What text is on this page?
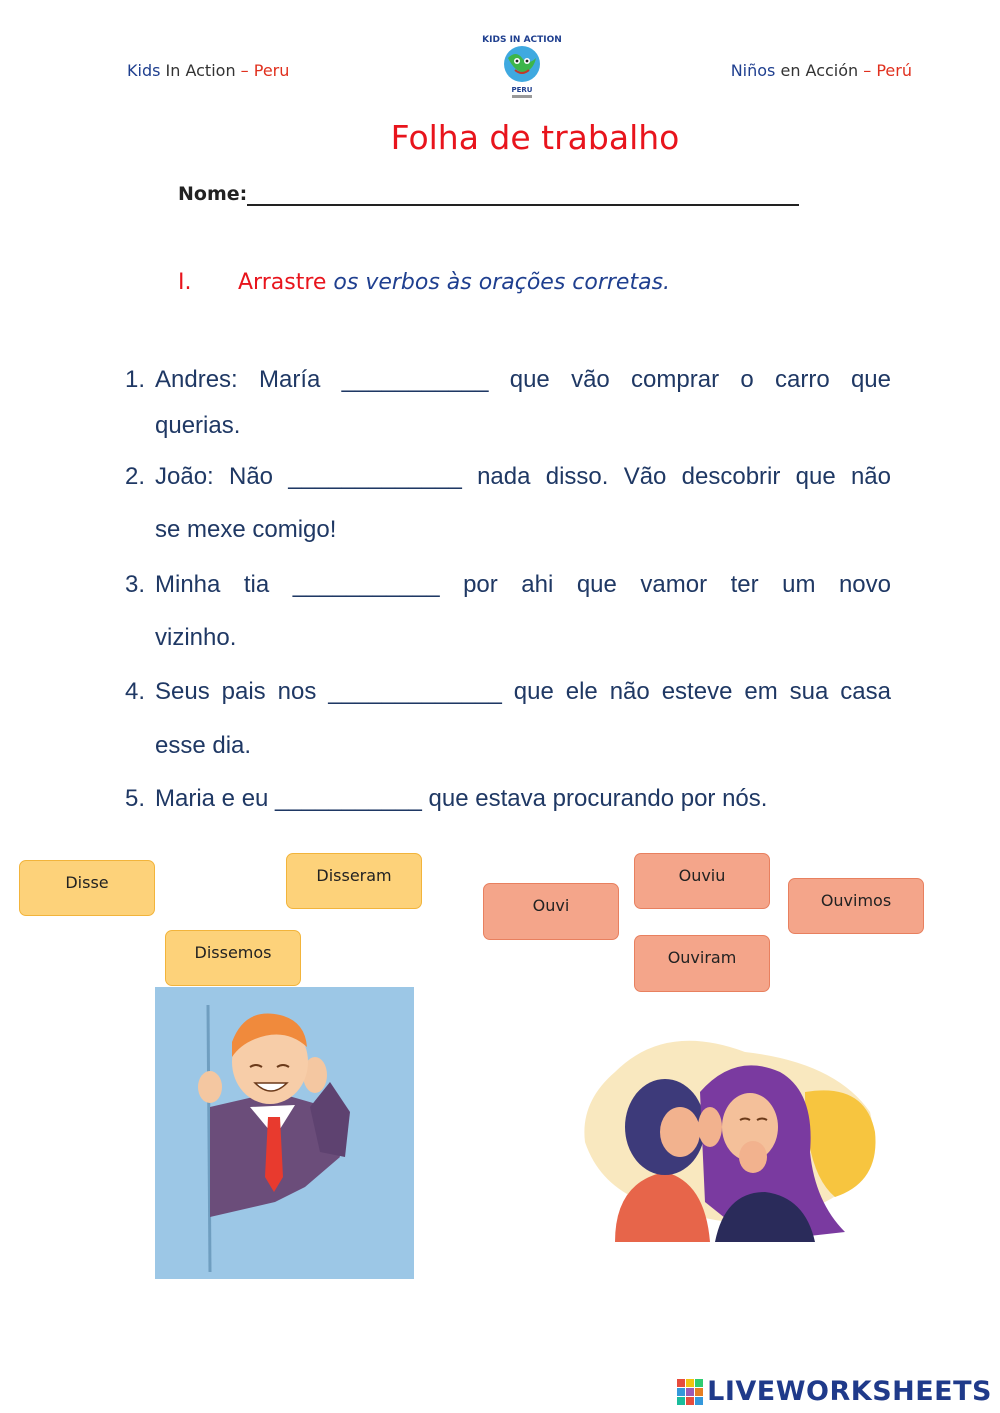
Kids In Action – Peru
KIDS IN ACTION
PERU
Niños en Acción – Perú
Folha de trabalho
Nome:
I. Arrastre os verbos às orações corretas.
1. Andres: María ___________ que vão comprar o carro que
querias.
2. João: Não _____________ nada disso. Vão descobrir que não
se mexe comigo!
3. Minha tia ___________ por ahi que vamor ter um novo
vizinho.
4. Seus pais nos _____________ que ele não esteve em sua casa
esse dia.
5. Maria e eu ___________ que estava procurando por nós.
Disse	Disseram
Dissemos
Ouvi
Ouviu
Ouvimos
Ouviram
LIVEWORKSHEETS
